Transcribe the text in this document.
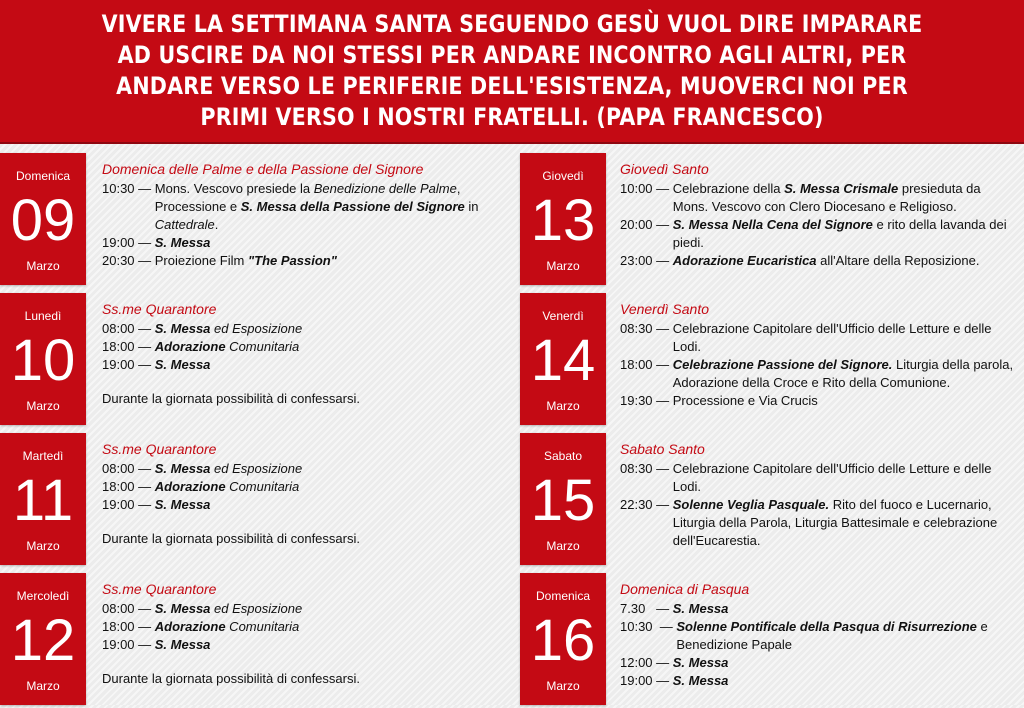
VIVERE LA SETTIMANA SANTA SEGUENDO GESÙ VUOL DIRE IMPARARE AD USCIRE DA NOI STESSI PER ANDARE INCONTRO AGLI ALTRI, PER ANDARE VERSO LE PERIFERIE DELL'ESISTENZA, MUOVERCI NOI PER PRIMI VERSO I NOSTRI FRATELLI. (PAPA FRANCESCO)

Domenica
09
Marzo
Domenica delle Palme e della Passione del Signore
10:30 — Mons. Vescovo presiede la Benedizione delle Palme, Processione e S. Messa della Passione del Signore in Cattedrale.
19:00 — S. Messa
20:30 — Proiezione Film "The Passion"
Lunedì
10
Marzo
Ss.me Quarantore
08:00 — S. Messa ed Esposizione
18:00 — Adorazione Comunitaria
19:00 — S. Messa
Durante la giornata possibilità di confessarsi.
Martedì
11
Marzo
Ss.me Quarantore
08:00 — S. Messa ed Esposizione
18:00 — Adorazione Comunitaria
19:00 — S. Messa
Durante la giornata possibilità di confessarsi.
Mercoledì
12
Marzo
Ss.me Quarantore
08:00 — S. Messa ed Esposizione
18:00 — Adorazione Comunitaria
19:00 — S. Messa
Durante la giornata possibilità di confessarsi.
Giovedì
13
Marzo
Giovedì Santo
10:00 — Celebrazione della S. Messa Crismale presieduta da Mons. Vescovo con Clero Diocesano e Religioso.
20:00 — S. Messa Nella Cena del Signore e rito della lavanda dei piedi.
23:00 — Adorazione Eucaristica all'Altare della Reposizione.
Venerdì
14
Marzo
Venerdì Santo
08:30 — Celebrazione Capitolare dell'Ufficio delle Letture e delle Lodi.
18:00 — Celebrazione Passione del Signore. Liturgia della parola, Adorazione della Croce e Rito della Comunione.
19:30 — Processione e Via Crucis
Sabato
15
Marzo
Sabato Santo
08:30 — Celebrazione Capitolare dell'Ufficio delle Letture e delle Lodi.
22:30 — Solenne Veglia Pasquale. Rito del fuoco e Lucernario, Liturgia della Parola, Liturgia Battesimale e celebrazione dell'Eucarestia.
Domenica
16
Marzo
Domenica di Pasqua
7.30   — S. Messa
10:30  — Solenne Pontificale della Pasqua di Risurrezione e Benedizione Papale
12:00 — S. Messa
19:00 — S. Messa
